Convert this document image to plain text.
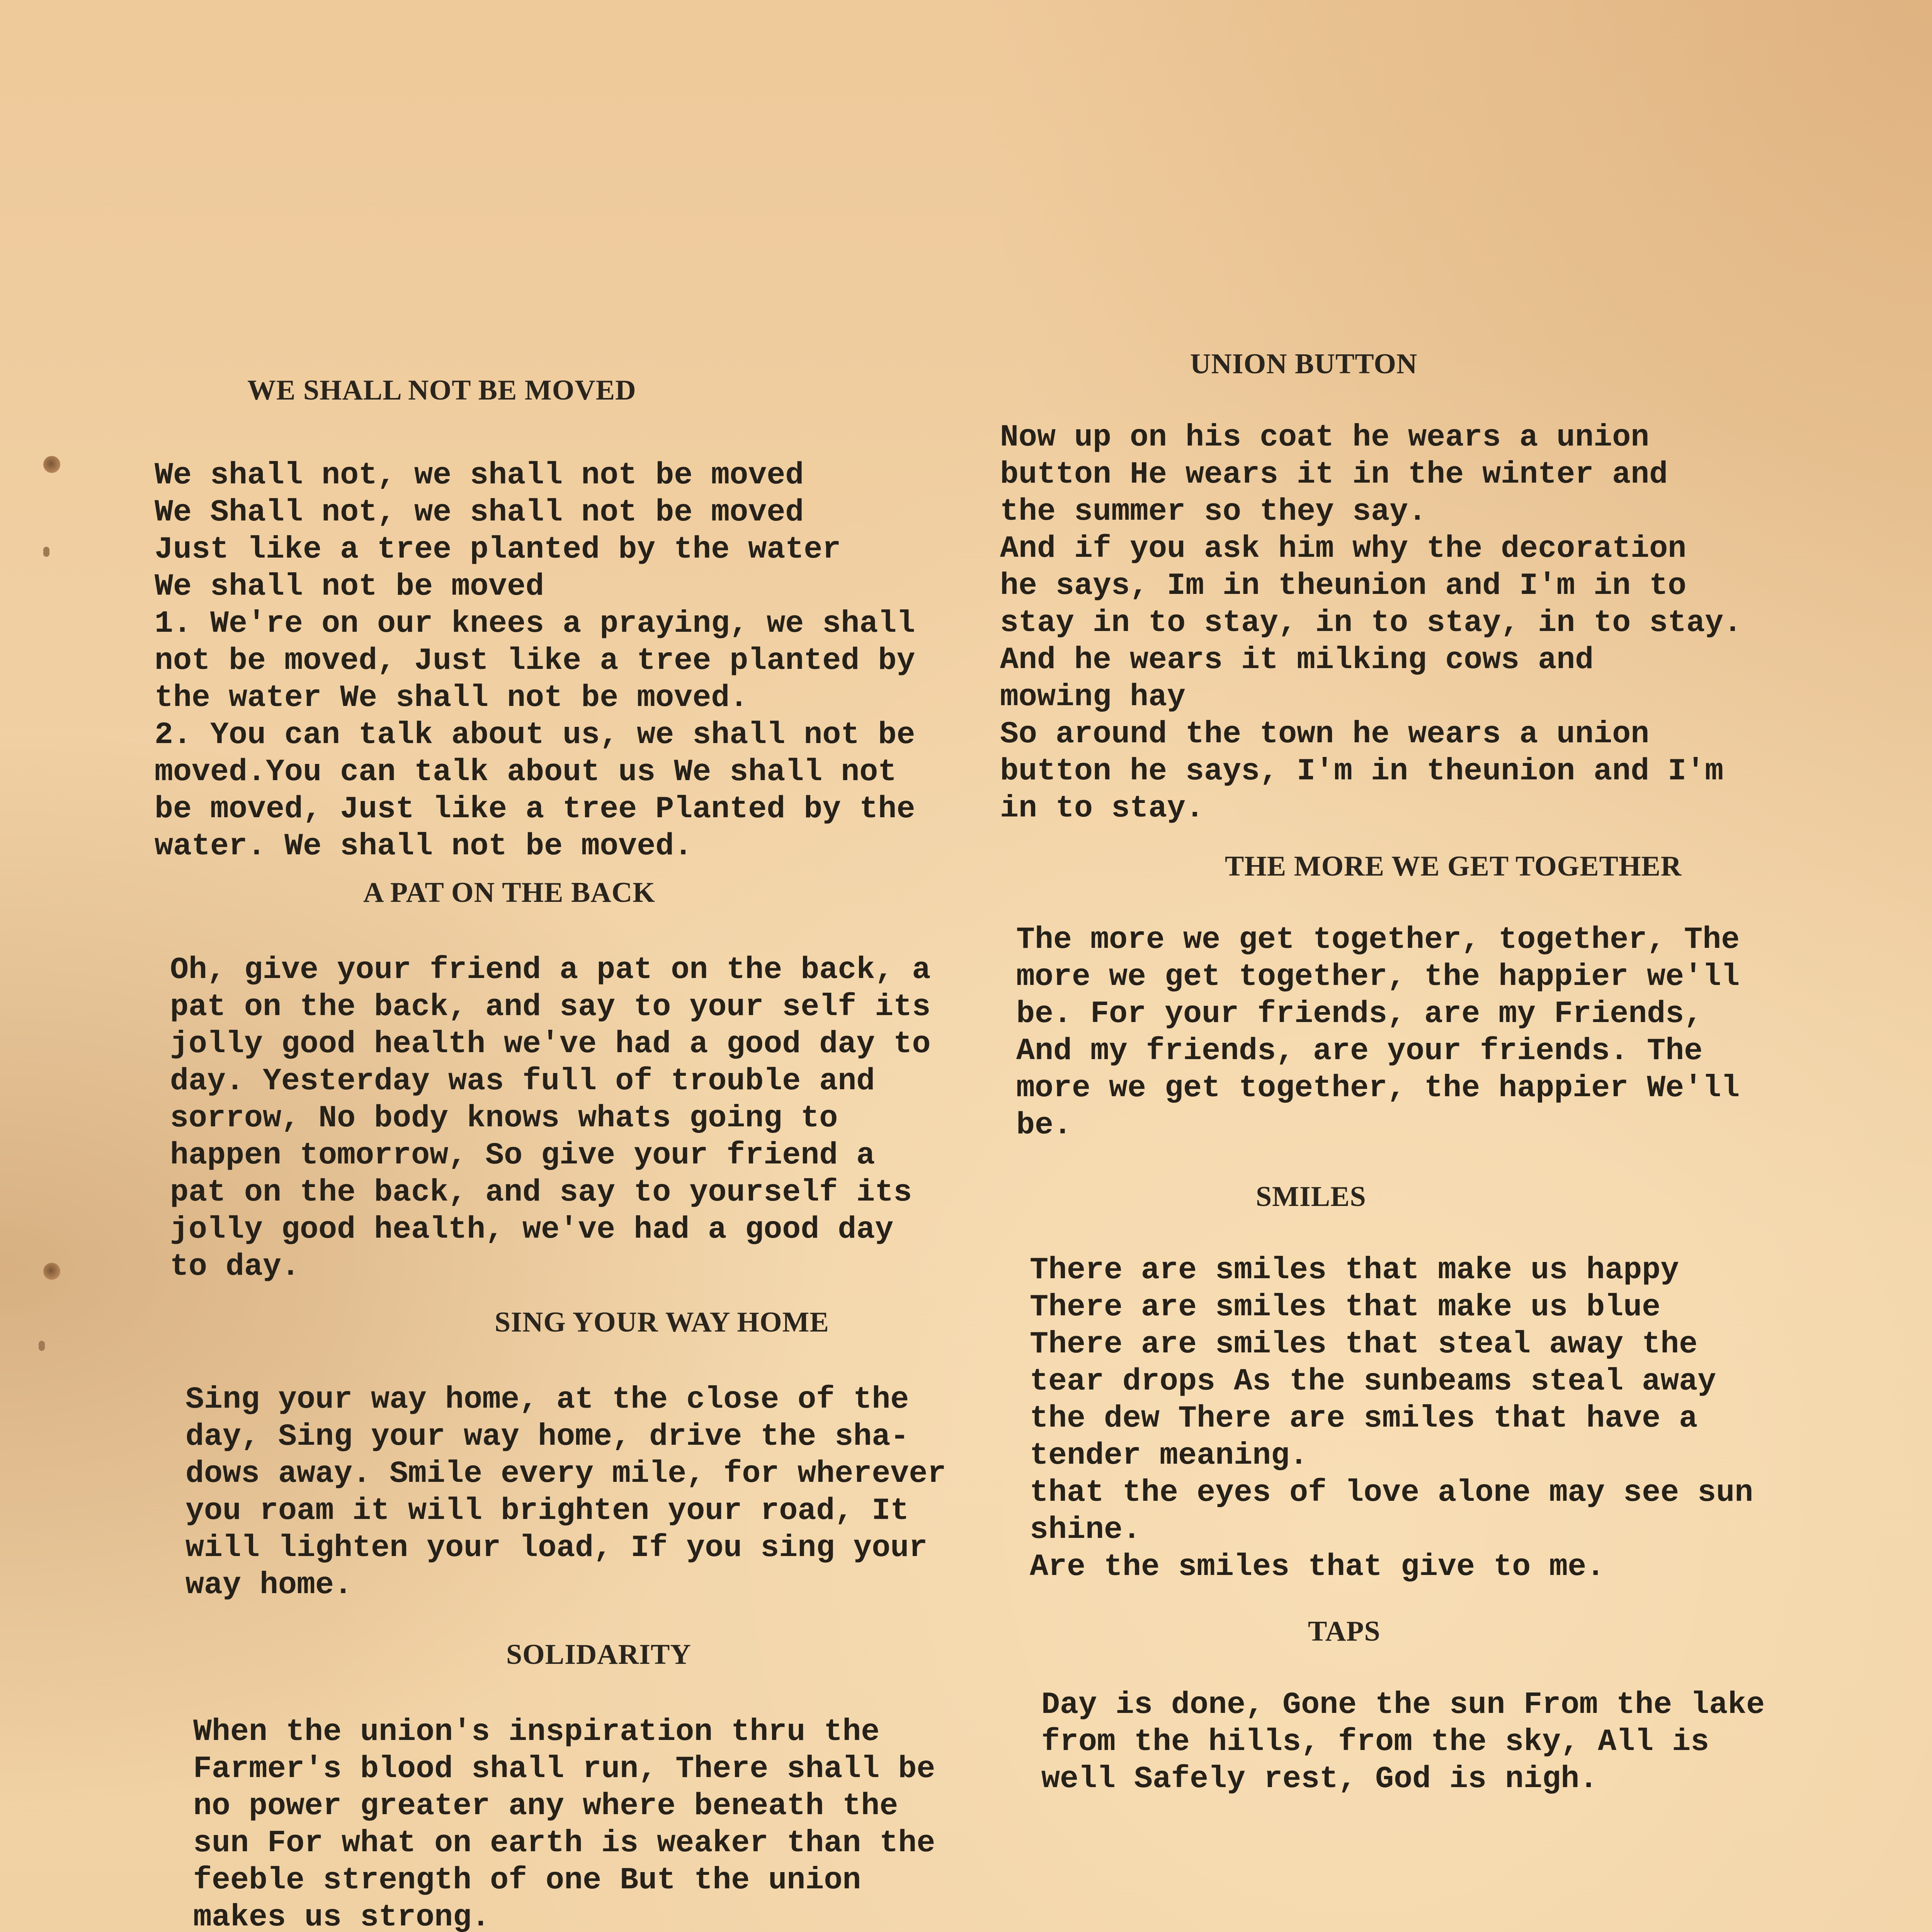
WE SHALL NOT BE MOVED
We shall not, we shall not be moved
We Shall not, we shall not be moved
Just like a tree planted by the water
We shall not be moved
1. We're on our knees a praying, we shall
not be moved, Just like a tree planted by
the water We shall not be moved.
2. You can talk about us, we shall not be
moved.You can talk about us We shall not
be moved, Just like a tree Planted by the
water. We shall not be moved.
A PAT ON THE BACK
Oh, give your friend a pat on the back, a
pat on the back, and say to your self its
jolly good health we've had a good day to
day. Yesterday was full of trouble and
sorrow, No body knows whats going to
happen tomorrow, So give your friend a
pat on the back, and say to yourself its
jolly good health, we've had a good day
to day.
SING YOUR WAY HOME
Sing your way home, at the close of the
day, Sing your way home, drive the sha-
dows away. Smile every mile, for wherever
you roam it will brighten your road, It
will lighten your load, If you sing your
way home.
SOLIDARITY
When the union's inspiration thru the
Farmer's blood shall run, There shall be
no power greater any where beneath the
sun For what on earth is weaker than the
feeble strength of one But the union
makes us strong.
UNION BUTTON
Now up on his coat he wears a union
button He wears it in the winter and
the summer so they say.
And if you ask him why the decoration
he says, Im in theunion and I'm in to
stay in to stay, in to stay, in to stay.
And he wears it milking cows and
mowing hay
So around the town he wears a union
button he says, I'm in theunion and I'm
in to stay.
THE MORE WE GET TOGETHER
The more we get together, together, The
more we get together, the happier we'll
be. For your friends, are my Friends,
And my friends, are your friends. The
more we get together, the happier We'll
be.
SMILES
There are smiles that make us happy
There are smiles that make us blue
There are smiles that steal away the
tear drops As the sunbeams steal away
the dew There are smiles that have a
tender meaning.
that the eyes of love alone may see sun
shine.
Are the smiles that give to me.
TAPS
Day is done, Gone the sun From the lake
from the hills, from the sky, All is
well Safely rest, God is nigh.
